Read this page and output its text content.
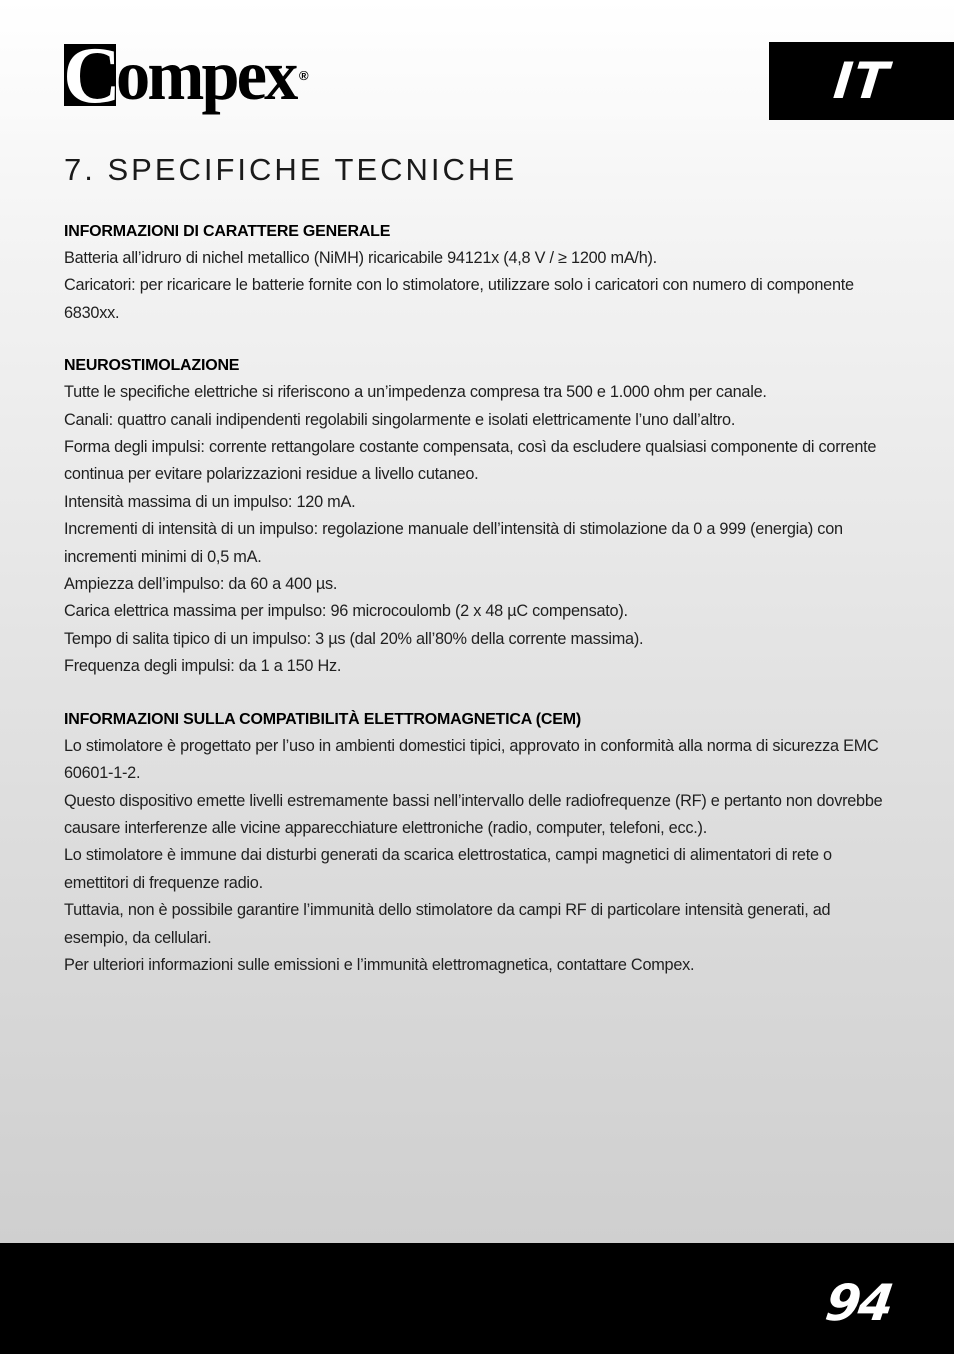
C
ompex ®	IT
7. SPECIFICHE TECNICHE
INFORMAZIONI DI CARATTERE GENERALE

Batteria all’idruro di nichel metallico (NiMH) ricaricabile 94121x (4,8 V / ≥ 1200 mA/h).

Caricatori: per ricaricare le batterie fornite con lo stimolatore, utilizzare solo i caricatori con numero di componente 6830xx.

NEUROSTIMOLAZIONE

Tutte le specifiche elettriche si riferiscono a un’impedenza compresa tra 500 e 1.000 ohm per canale.

Canali: quattro canali indipendenti regolabili singolarmente e isolati elettricamente l’uno dall’altro.

Forma degli impulsi: corrente rettangolare costante compensata, così da escludere qualsiasi componente di corrente continua per evitare polarizzazioni residue a livello cutaneo.

Intensità massima di un impulso: 120 mA.

Incrementi di intensità di un impulso: regolazione manuale dell’intensità di stimolazione da 0 a 999 (energia) con incrementi minimi di 0,5 mA.

Ampiezza dell’impulso: da 60 a 400 µs.

Carica elettrica massima per impulso: 96 microcoulomb (2 x 48 µC compensato).

Tempo di salita tipico di un impulso: 3 µs (dal 20% all’80% della corrente massima).

Frequenza degli impulsi: da 1 a 150 Hz.

INFORMAZIONI SULLA COMPATIBILITÀ ELETTROMAGNETICA (CEM)

Lo stimolatore è progettato per l’uso in ambienti domestici tipici, approvato in conformità alla norma di sicurezza EMC 60601-1-2.

Questo dispositivo emette livelli estremamente bassi nell’intervallo delle radiofrequenze (RF) e pertanto non dovrebbe causare interferenze alle vicine apparecchiature elettroniche (radio, computer, telefoni, ecc.).

Lo stimolatore è immune dai disturbi generati da scarica elettrostatica, campi magnetici di alimentatori di rete o emettitori di frequenze radio.

Tuttavia, non è possibile garantire l’immunità dello stimolatore da campi RF di particolare intensità generati, ad esempio, da cellulari.

Per ulteriori informazioni sulle emissioni e l’immunità elettromagnetica, contattare Compex.

94
